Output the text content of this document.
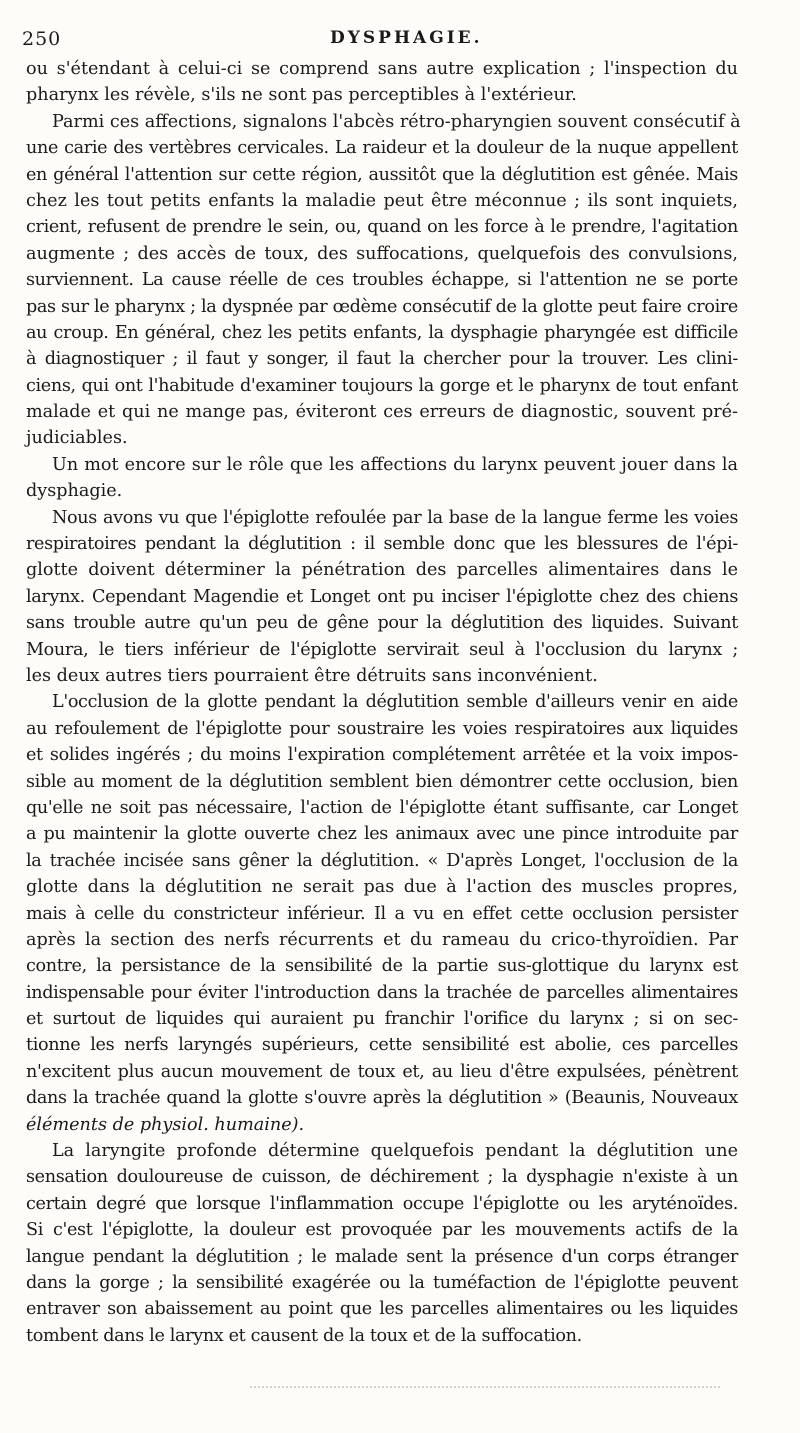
250	DYSPHAGIE.
ou s'étendant à celui-ci se comprend sans autre explication ; l'inspection du
pharynx les révèle, s'ils ne sont pas perceptibles à l'extérieur.
Parmi ces affections, signalons l'abcès rétro-pharyngien souvent consécutif à
une carie des vertèbres cervicales. La raideur et la douleur de la nuque appellent
en général l'attention sur cette région, aussitôt que la déglutition est gênée. Mais
chez les tout petits enfants la maladie peut être méconnue ; ils sont inquiets,
crient, refusent de prendre le sein, ou, quand on les force à le prendre, l'agitation
augmente ; des accès de toux, des suffocations, quelquefois des convulsions,
surviennent. La cause réelle de ces troubles échappe, si l'attention ne se porte
pas sur le pharynx ; la dyspnée par œdème consécutif de la glotte peut faire croire
au croup. En général, chez les petits enfants, la dysphagie pharyngée est difficile
à diagnostiquer ; il faut y songer, il faut la chercher pour la trouver. Les clini-
ciens, qui ont l'habitude d'examiner toujours la gorge et le pharynx de tout enfant
malade et qui ne mange pas, éviteront ces erreurs de diagnostic, souvent pré-
judiciables.
Un mot encore sur le rôle que les affections du larynx peuvent jouer dans la
dysphagie.
Nous avons vu que l'épiglotte refoulée par la base de la langue ferme les voies
respiratoires pendant la déglutition : il semble donc que les blessures de l'épi-
glotte doivent déterminer la pénétration des parcelles alimentaires dans le
larynx. Cependant Magendie et Longet ont pu inciser l'épiglotte chez des chiens
sans trouble autre qu'un peu de gêne pour la déglutition des liquides. Suivant
Moura, le tiers inférieur de l'épiglotte servirait seul à l'occlusion du larynx ;
les deux autres tiers pourraient être détruits sans inconvénient.
L'occlusion de la glotte pendant la déglutition semble d'ailleurs venir en aide
au refoulement de l'épiglotte pour soustraire les voies respiratoires aux liquides
et solides ingérés ; du moins l'expiration complétement arrêtée et la voix impos-
sible au moment de la déglutition semblent bien démontrer cette occlusion, bien
qu'elle ne soit pas nécessaire, l'action de l'épiglotte étant suffisante, car Longet
a pu maintenir la glotte ouverte chez les animaux avec une pince introduite par
la trachée incisée sans gêner la déglutition. « D'après Longet, l'occlusion de la
glotte dans la déglutition ne serait pas due à l'action des muscles propres,
mais à celle du constricteur inférieur. Il a vu en effet cette occlusion persister
après la section des nerfs récurrents et du rameau du crico-thyroïdien. Par
contre, la persistance de la sensibilité de la partie sus-glottique du larynx est
indispensable pour éviter l'introduction dans la trachée de parcelles alimentaires
et surtout de liquides qui auraient pu franchir l'orifice du larynx ; si on sec-
tionne les nerfs laryngés supérieurs, cette sensibilité est abolie, ces parcelles
n'excitent plus aucun mouvement de toux et, au lieu d'être expulsées, pénètrent
dans la trachée quand la glotte s'ouvre après la déglutition » (Beaunis, Nouveaux
éléments de physiol. humaine).
La laryngite profonde détermine quelquefois pendant la déglutition une
sensation douloureuse de cuisson, de déchirement ; la dysphagie n'existe à un
certain degré que lorsque l'inflammation occupe l'épiglotte ou les aryténoïdes.
Si c'est l'épiglotte, la douleur est provoquée par les mouvements actifs de la
langue pendant la déglutition ; le malade sent la présence d'un corps étranger
dans la gorge ; la sensibilité exagérée ou la tuméfaction de l'épiglotte peuvent
entraver son abaissement au point que les parcelles alimentaires ou les liquides
tombent dans le larynx et causent de la toux et de la suffocation.
